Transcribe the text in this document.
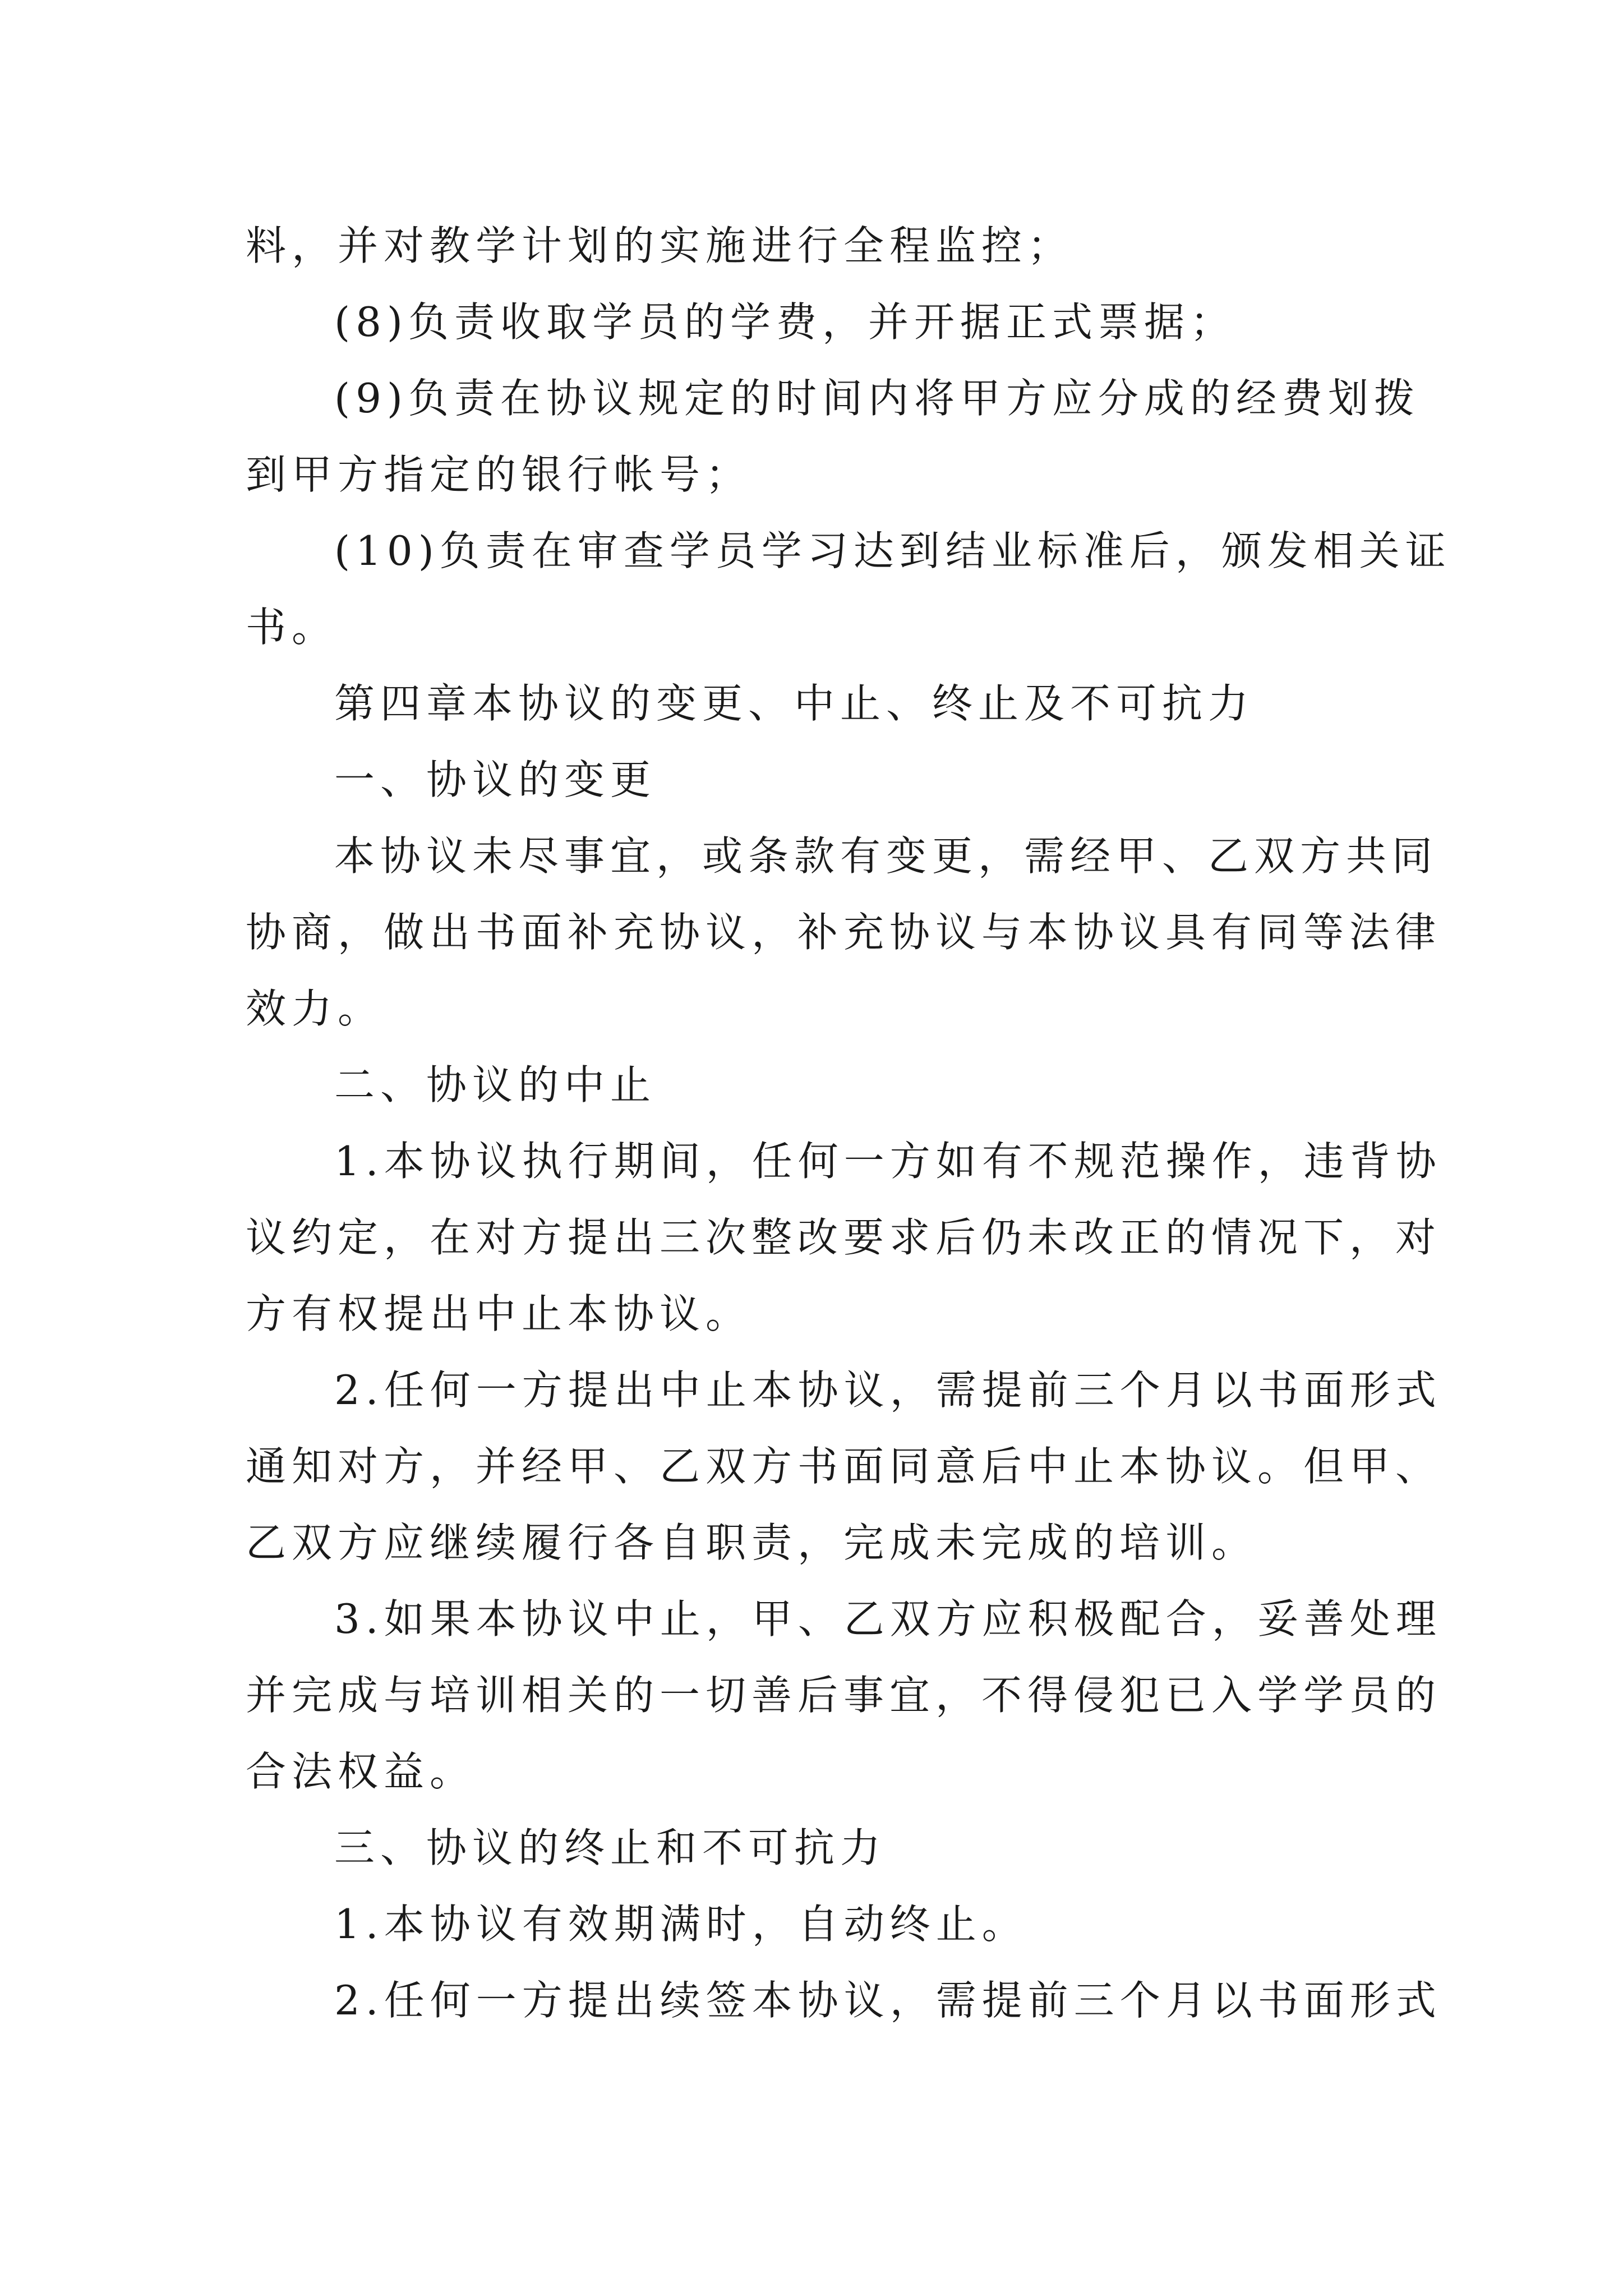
料，并对教学计划的实施进行全程监控；
(8)负责收取学员的学费，并开据正式票据；
(9)负责在协议规定的时间内将甲方应分成的经费划拨
到甲方指定的银行帐号；
(10)负责在审查学员学习达到结业标准后，颁发相关证
书。
第四章本协议的变更、中止、终止及不可抗力
一、协议的变更
本协议未尽事宜，或条款有变更，需经甲、乙双方共同
协商，做出书面补充协议，补充协议与本协议具有同等法律
效力。
二、协议的中止
1.本协议执行期间，任何一方如有不规范操作，违背协
议约定，在对方提出三次整改要求后仍未改正的情况下，对
方有权提出中止本协议。
2.任何一方提出中止本协议，需提前三个月以书面形式
通知对方，并经甲、乙双方书面同意后中止本协议。但甲、
乙双方应继续履行各自职责，完成未完成的培训。
3.如果本协议中止，甲、乙双方应积极配合，妥善处理
并完成与培训相关的一切善后事宜，不得侵犯已入学学员的
合法权益。
三、协议的终止和不可抗力
1.本协议有效期满时，自动终止。
2.任何一方提出续签本协议，需提前三个月以书面形式
